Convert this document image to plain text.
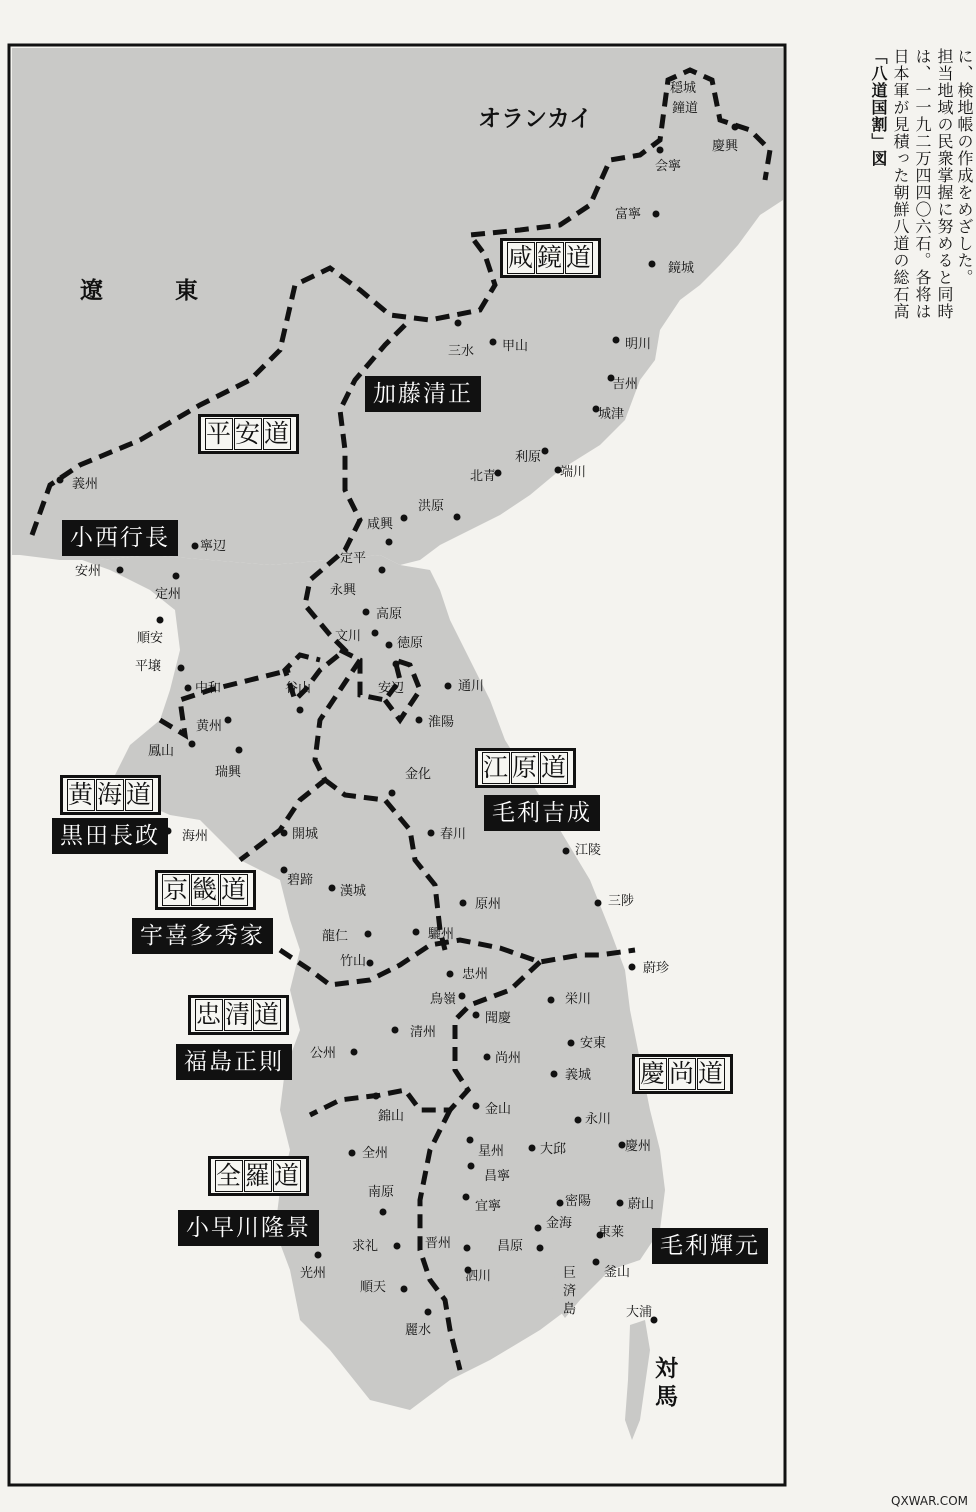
「八道国割」図 日本軍が見積った朝鮮八道の総石高 は、一一九二万四四〇六石。各将は 担当地域の民衆掌握に努めると同時 に、検地帳の作成をめざした。
オランカイ
遼	東
対
馬
巨済島
咸鏡道
平安道
黄海道
京畿道
江原道
忠清道
慶尚道
全羅道
加藤清正
小西行長
黒田長政
毛利吉成
宇喜多秀家
福島正則
小早川隆景
毛利輝元
穏城
鐘道
慶興
会寧
富寧
鏡城
明川
吉州
城津
端川
利原
北青
洪原
咸興
三水 甲山
義州
寧辺
安州
定州
順安
平壌
中和	谷山
黄州
鳳山
瑞興
海州	開城
碧蹄
漢城
龍仁
竹山
定平
永興
高原
文川	徳原
安辺	通川
淮陽
金化
春川
江陵
三陟
原州
驪州
忠州
鳥嶺
聞慶
清州
公州	尚州
蔚珍
栄川
安東
義城
永川
慶州
錦山
全州
金山
星州	大邱
昌寧
南原
宜寧	密陽	蔚山
東莱
釜山
金海
昌原
晋州
求礼
光州
順天
泗川
麗水
大浦
QXWAR.COM
